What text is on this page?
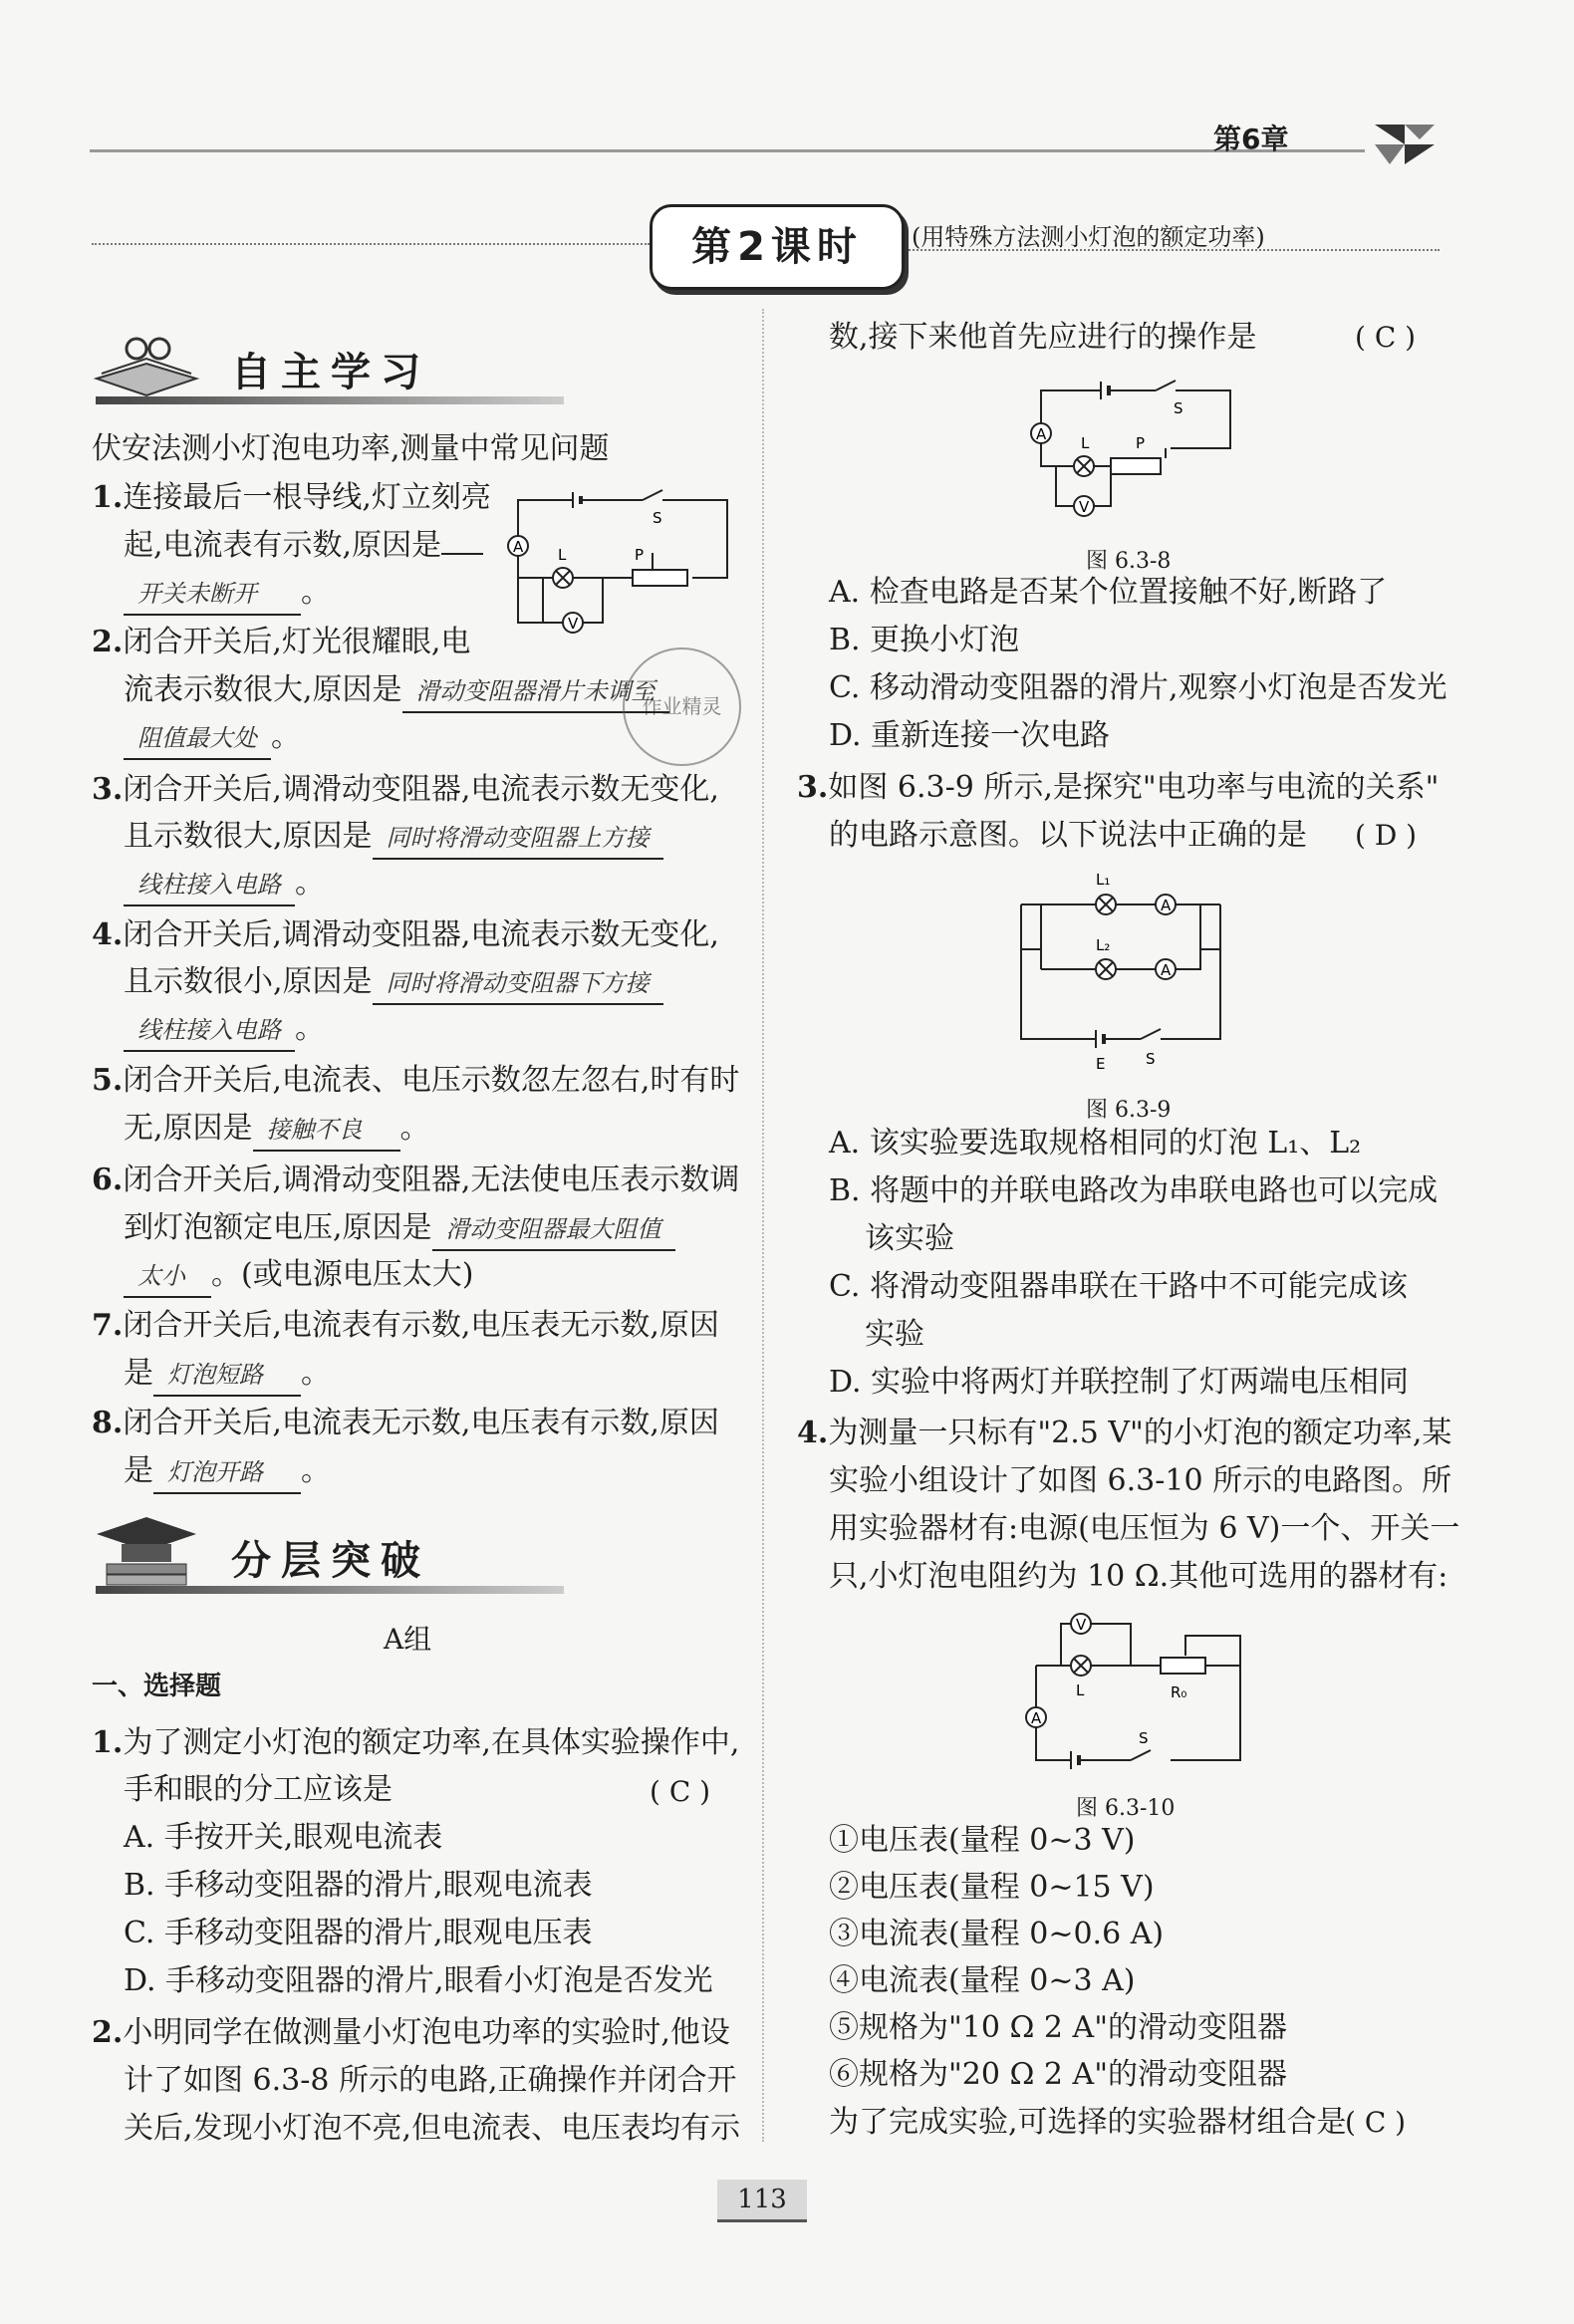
第6章
第2课时	(用特殊方法测小灯泡的额定功率)
自主学习
伏安法测小灯泡电功率,测量中常见问题
1.连接最后一根导线,灯立刻亮
起,电流表有示数,原因是
开关未断开 。
A
V
L	P
S
2.闭合开关后,灯光很耀眼,电
流表示数很大,原因是 滑动变阻器滑片未调至
阻值最大处 。
作业精灵
3.闭合开关后,调滑动变阻器,电流表示数无变化,
且示数很大,原因是 同时将滑动变阻器上方接
线柱接入电路 。
4.闭合开关后,调滑动变阻器,电流表示数无变化,
且示数很小,原因是 同时将滑动变阻器下方接
线柱接入电路 。
5.闭合开关后,电流表、电压示数忽左忽右,时有时
无,原因是 接触不良 。
6.闭合开关后,调滑动变阻器,无法使电压表示数调
到灯泡额定电压,原因是 滑动变阻器最大阻值
太小 。(或电源电压太大)
7.闭合开关后,电流表有示数,电压表无示数,原因
是 灯泡短路 。
8.闭合开关后,电流表无示数,电压表有示数,原因
是 灯泡开路 。
分层突破
A组
一、选择题
1.为了测定小灯泡的额定功率,在具体实验操作中,
手和眼的分工应该是	( C )
A. 手按开关,眼观电流表
B. 手移动变阻器的滑片,眼观电流表
C. 手移动变阻器的滑片,眼观电压表
D. 手移动变阻器的滑片,眼看小灯泡是否发光
2.小明同学在做测量小灯泡电功率的实验时,他设
计了如图 6.3-8 所示的电路,正确操作并闭合开
关后,发现小灯泡不亮,但电流表、电压表均有示
数,接下来他首先应进行的操作是	( C )
A L	P
S
V
图 6.3-8
A. 检查电路是否某个位置接触不好,断路了
B. 更换小灯泡
C. 移动滑动变阻器的滑片,观察小灯泡是否发光
D. 重新连接一次电路
3.如图 6.3-9 所示,是探究"电功率与电流的关系"
的电路示意图。以下说法中正确的是 ( D )
L₁
A
L₂
A
E	S
图 6.3-9
A. 该实验要选取规格相同的灯泡 L₁、L₂
B. 将题中的并联电路改为串联电路也可以完成
该实验
C. 将滑动变阻器串联在干路中不可能完成该
实验
D. 实验中将两灯并联控制了灯两端电压相同
4.为测量一只标有"2.5 V"的小灯泡的额定功率,某
实验小组设计了如图 6.3-10 所示的电路图。所
用实验器材有:电源(电压恒为 6 V)一个、开关一
只,小灯泡电阻约为 10 Ω.其他可选用的器材有:
V
L	R₀
A
S
图 6.3-10
①电压表(量程 0~3 V)
②电压表(量程 0~15 V)
③电流表(量程 0~0.6 A)
④电流表(量程 0~3 A)
⑤规格为"10 Ω 2 A"的滑动变阻器
⑥规格为"20 Ω 2 A"的滑动变阻器
为了完成实验,可选择的实验器材组合是
( C )
113
